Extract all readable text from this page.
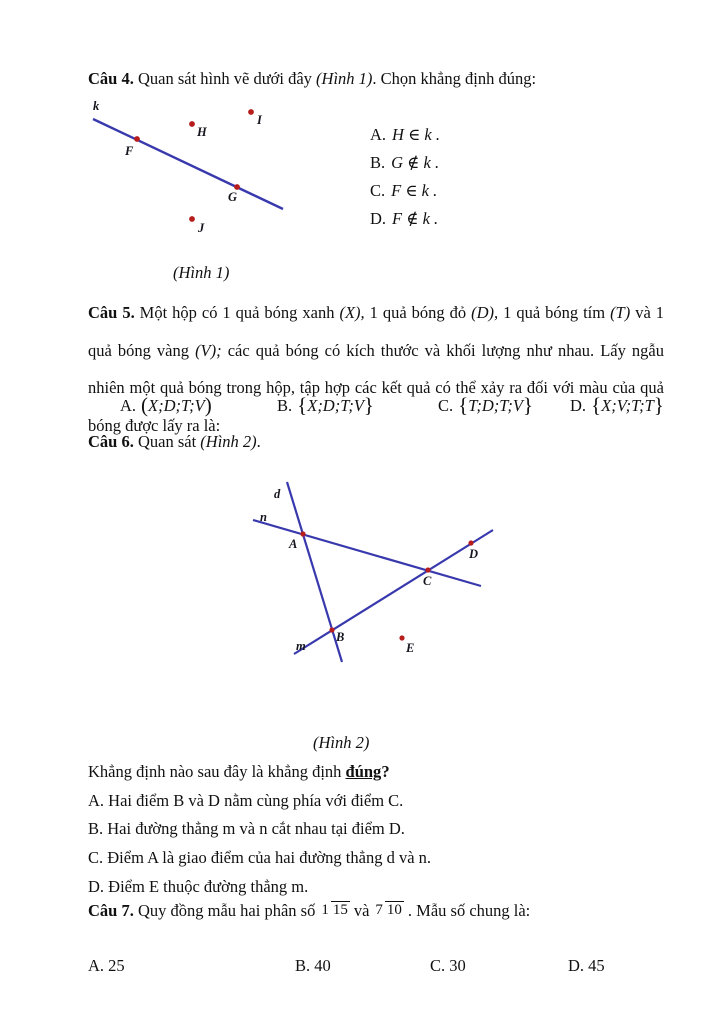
Câu 4. Quan sát hình vẽ dưới đây (Hình 1). Chọn khẳng định đúng:
k
F
H
I
G
J
A. H ∈ k .
B. G ∉ k .
C. F ∈ k .
D. F ∉ k .
(Hình 1)
Câu 5. Một hộp có 1 quả bóng xanh (X), 1 quả bóng đỏ (D), 1 quả bóng tím (T) và 1 quả bóng vàng (V); các quả bóng có kích thước và khối lượng như nhau. Lấy ngẫu nhiên một quả bóng trong hộp, tập hợp các kết quả có thể xảy ra đối với màu của quả bóng được lấy ra là:
A. (X;D;T;V)	B. {X;D;T;V}	C. {T;D;T;V} D. {X;V;T;T}
Câu 6. Quan sát (Hình 2).
d
n
m
A
B
C
D
E
(Hình 2)
Khẳng định nào sau đây là khẳng định đúng?
A. Hai điểm B và D nằm cùng phía với điểm C.
B. Hai đường thẳng m và n cắt nhau tại điểm D.
C. Điểm A là giao điểm của hai đường thẳng d và n.
D. Điểm E thuộc đường thẳng m.
Câu 7. Quy đồng mẫu hai phân số 1 15 và 7 10 . Mẫu số chung là:
A. 25	B. 40	C. 30	D. 45
